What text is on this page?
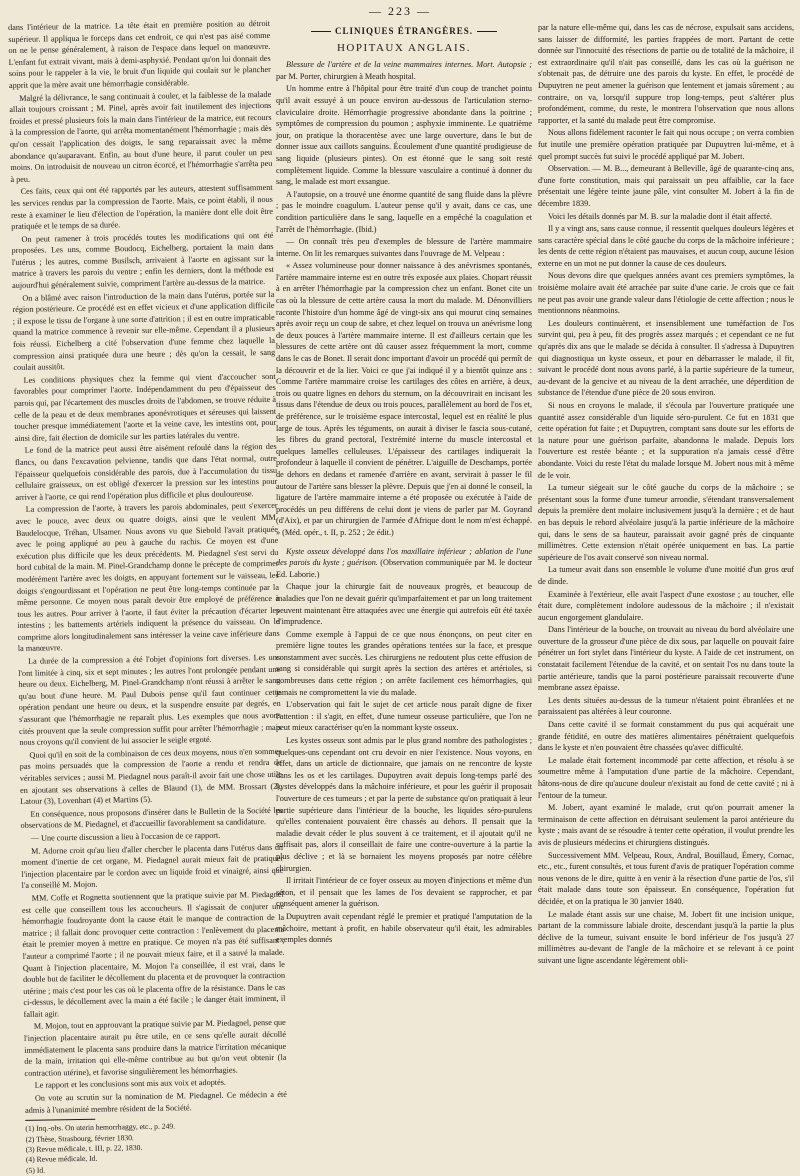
— 223 —

dans l'intérieur de la matrice. La tête était en première position au détroit supérieur. Il appliqua le forceps dans cet endroit, ce qui n'est pas aisé comme on ne le pense généralement, à raison de l'espace dans lequel on manœuvre. L'enfant fut extrait vivant, mais à demi-asphyxié. Pendant qu'on lui donnait des soins pour le rappeler à la vie, le bruit d'un liquide qui coulait sur le plancher apprit que la mère avait une hémorrhagie considérable.

Malgré la délivrance, le sang continuait à couler, et la faiblesse de la malade allait toujours croissant ; M. Pinel, après avoir fait inutilement des injections froides et pressé plusieurs fois la main dans l'intérieur de la matrice, eut recours à la compression de l'aorte, qui arrêta momentanément l'hémorrhagie ; mais dès qu'on cessait l'application des doigts, le sang reparaissait avec la même abondance qu'auparavant. Enfin, au bout d'une heure, il parut couler un peu moins. On introduisit de nouveau un citron écorcé, et l'hémorrhagie s'arrêta peu à peu.

Ces faits, ceux qui ont été rapportés par les auteurs, attestent suffisamment les services rendus par la compression de l'aorte. Mais, ce point établi, il nous reste à examiner le lieu d'élection de l'opération, la manière dont elle doit être pratiquée et le temps de sa durée.

On peut ramener à trois procédés toutes les modifications qui ont été proposées. Les uns, comme Boudocq, Eichelberg, portaient la main dans l'utérus ; les autres, comme Busilsch, arrivaient à l'aorte en agissant sur la matrice à travers les parois du ventre ; enfin les derniers, dont la méthode est aujourd'hui généralement suivie, compriment l'artère au-dessus de la matrice.

On a blâmé avec raison l'introduction de la main dans l'utérus, portée sur la région postérieure. Ce procédé est en effet vicieux et d'une application difficile ; il expose le tissu de l'organe à une sorte d'attrition ; il est en outre impraticable quand la matrice commence à revenir sur elle-même. Cependant il a plusieurs fois réussi. Eichelberg a cité l'observation d'une femme chez laquelle la compression ainsi pratiquée dura une heure ; dès qu'on la cessait, le sang coulait aussitôt.

Les conditions physiques chez la femme qui vient d'accoucher sont favorables pour comprimer l'aorte. Indépendamment du peu d'épaisseur des parois qui, par l'écartement des muscles droits de l'abdomen, se trouve réduite à celle de la peau et de deux membranes aponévrotiques et séreuses qui laissent toucher presque immédiatement l'aorte et la veine cave, les intestins ont, pour ainsi dire, fait élection de domicile sur les parties latérales du ventre.

Le fond de la matrice peut aussi être aisément refoulé dans la région des flancs, ou dans l'excavation pelvienne, tandis que dans l'état normal, outre l'épaisseur quelquefois considérable des parois, due à l'accumulation du tissu cellulaire graisseux, on est obligé d'exercer la pression sur les intestins pour arriver à l'aorte, ce qui rend l'opération plus difficile et plus douloureuse.

La compression de l'aorte, à travers les parois abdominales, peut s'exercer avec le pouce, avec deux ou quatre doigts, ainsi que le veulent MM. Baudelocque, Tréhan, Ulsamer. Nous avons vu que Siebold l'avait pratiquée avec le poing appliqué au peu à gauche du rachis. Ce moyen est d'une exécution plus difficile que les deux précédents. M. Piedagnel s'est servi du bord cubital de la main. M. Pinel-Grandchamp donne le précepte de comprimer modérément l'artère avec les doigts, en appuyant fortement sur le vaisseau, les doigts s'engourdissant et l'opération ne peut être long-temps continuée par la même personne. Ce moyen nous paraît devoir être employé de préférence à tous les autres. Pour arriver à l'aorte, il faut éviter la précaution d'écarter les intestins ; les battements artériels indiquent la présence du vaisseau. On le comprime alors longitudinalement sans intéresser la veine cave inférieure dans la manœuvre.

La durée de la compression a été l'objet d'opinions fort diverses. Les uns l'ont limitée à cinq, six et sept minutes ; les autres l'ont prolongée pendant une heure ou deux. Eichelberg, M. Pinel-Grandchamp n'ont réussi à arrêter le sang qu'au bout d'une heure. M. Paul Dubois pense qu'il faut continuer cette opération pendant une heure ou deux, et la suspendre ensuite par degrés, en s'assurant que l'hémorrhagie ne reparaît plus. Les exemples que nous avons cités prouvent que la seule compression suffit pour arrêter l'hémorrhagie ; mais nous croyons qu'il convient de lui associer le seigle ergoté.

Quoi qu'il en soit de la combinaison de ces deux moyens, nous n'en sommes pas moins persuadés que la compression de l'aorte a rendu et rendra de véritables services ; aussi M. Piedagnel nous paraît-il avoir fait une chose utile en ajoutant ses observations à celles de Blaund (1), de MM. Brossart (2), Latour (3), Lovenhart (4) et Martins (5).

En conséquence, nous proposons d'insérer dans le Bulletin de la Société les observations de M. Piedagnel, et d'accueillir favorablement sa candidature.

— Une courte discussion a lieu à l'occasion de ce rapport.

M. Adorne croit qu'au lieu d'aller chercher le placenta dans l'utérus dans un moment d'inertie de cet organe, M. Piedagnel aurait mieux fait de pratiquer l'injection placentaire par le cordon avec un liquide froid et vinaigré, ainsi que l'a conseillé M. Mojon.

MM. Coffe et Rognetta soutiennent que la pratique suivie par M. Piedagnel est celle que conseillent tous les accoucheurs. Il s'agissait de conjurer une hémorrhagie foudroyante dont la cause était le manque de contraction de la matrice ; il fallait donc provoquer cette contraction : l'enlèvement du placenta était le premier moyen à mettre en pratique. Ce moyen n'a pas été suffisant ; l'auteur a comprimé l'aorte ; il ne pouvait mieux faire, et il a sauvé la malade. Quant à l'injection placentaire, M. Mojon l'a conseillée, il est vrai, dans le double but de faciliter le décollement du placenta et de provoquer la contraction utérine ; mais c'est pour les cas où le placenta offre de la résistance. Dans le cas ci-dessus, le décollement avec la main a été facile ; le danger était imminent, il fallait agir.

M. Mojon, tout en approuvant la pratique suivie par M. Piedagnel, pense que l'injection placentaire aurait pu être utile, en ce sens qu'elle aurait décollé immédiatement le placenta sans produire dans la matrice l'irritation mécanique de la main, irritation qui elle-même contribue au but qu'on veut obtenir (la contraction utérine), et favorise singulièrement les hémorrhagies.

Le rapport et les conclusions sont mis aux voix et adoptés.

On vote au scrutin sur la nomination de M. Piedagnel. Ce médecin a été admis à l'unanimité membre résident de la Société.

(1) Inq.-obs. On uterin hemorrhaggy, etc., p. 249.
(2) Thèse, Strasbourg, février 1830.
(3) Revue médicale, t. III, p. 22, 1830.
(4) Revue médicale, Id.
(5) Id.
CLINIQUES ÉTRANGÈRES.
HOPITAUX ANGLAIS.

Blessure de l'artère et de la veine mammaires internes. Mort. Autopsie ; par M. Porter, chirurgien à Meath hospital.

Un homme entre à l'hôpital pour être traité d'un coup de tranchet pointu qu'il avait essuyé à un pouce environ au-dessous de l'articulation sterno-claviculaire droite. Hémorrhagie progressive abondante dans la poitrine ; symptômes de compression du poumon ; asphyxie imminente. Le quatrième jour, on pratique la thoracentèse avec une large ouverture, dans le but de donner issue aux caillots sanguins. Écoulement d'une quantité prodigieuse de sang liquide (plusieurs pintes). On est étonné que le sang soit resté complètement liquide. Comme la blessure vasculaire a continué à donner du sang, le malade est mort exsangue.

A l'autopsie, on a trouvé une énorme quantité de sang fluide dans la plèvre ; pas le moindre coagulum. L'auteur pense qu'il y avait, dans ce cas, une condition particulière dans le sang, laquelle en a empêché la coagulation et l'arrêt de l'hémorrhagie. (Ibid.)

— On connaît très peu d'exemples de blessure de l'artère mammaire interne. On lit les remarques suivantes dans l'ouvrage de M. Velpeau :

« Assez volumineuse pour donner naissance à des anévrismes spontanés, l'artère mammaire interne est en outre très exposée aux plaies. Chopart réussit à en arrêter l'hémorrhagie par la compression chez un enfant. Bonet cite un cas où la blessure de cette artère causa la mort du malade. M. Dénonvilliers raconte l'histoire d'un homme âgé de vingt-six ans qui mourut cinq semaines après avoir reçu un coup de sabre, et chez lequel on trouva un anévrisme long de deux pouces à l'artère mammaire interne. Il est d'ailleurs certain que les blessures de cette artère ont dû causer assez fréquemment la mort, comme dans le cas de Bonet. Il serait donc important d'avoir un procédé qui permît de la découvrir et de la lier. Voici ce que j'ai indiqué il y a bientôt quinze ans : Comme l'artère mammaire croise les cartilages des côtes en arrière, à deux, trois ou quatre lignes en dehors du sternum, on la découvrirait en incisant les tissus dans l'étendue de deux ou trois pouces, parallèlement au bord de l'os et, de préférence, sur le troisième espace intercostal, lequel est en réalité le plus large de tous. Après les téguments, on aurait à diviser le fascia sous-cutané, les fibres du grand pectoral, l'extrémité interne du muscle intercostal et quelques lamelles celluleuses. L'épaisseur des cartilages indiquerait la profondeur à laquelle il convient de pénétrer. L'aiguille de Deschamps, portée de dehors en dedans et ramenée d'arrière en avant, servirait à passer le fil autour de l'artère sans blesser la plèvre. Depuis que j'en ai donné le conseil, la ligature de l'artère mammaire interne a été proposée ou exécutée à l'aide de procédés un peu différens de celui dont je viens de parler par M. Goyrand (d'Aix), et par un chirurgien de l'armée d'Afrique dont le nom m'est échappé. » (Méd. opér., t. II, p. 252 ; 2e édit.)

Kyste osseux développé dans l'os maxillaire inférieur ; ablation de l'une des parois du kyste ; guérison. (Observation communiquée par M. le docteur Ed. Laborie.)

Chaque jour la chirurgie fait de nouveaux progrès, et beaucoup de maladies que l'on ne devait guérir qu'imparfaitement et par un long traitement peuvent maintenant être attaquées avec une énergie qui autrefois eût été taxée d'imprudence.

Comme exemple à l'appui de ce que nous énonçons, on peut citer en première ligne toutes les grandes opérations tentées sur la face, et presque constamment avec succès. Les chirurgiens ne redoutent plus cette effusion de sang si considérable qui surgit après la section des artères et artérioles, si nombreuses dans cette région ; on arrête facilement ces hémorrhagies, qui jamais ne compromettent la vie du malade.

L'observation qui fait le sujet de cet article nous paraît digne de fixer l'attention : il s'agit, en effet, d'une tumeur osseuse particulière, que l'on ne peut mieux caractériser qu'en la nommant kyste osseux.

Les kystes osseux sont admis par le plus grand nombre des pathologistes ; quelques-uns cependant ont cru devoir en nier l'existence. Nous voyons, en effet, dans un article de dictionnaire, que jamais on ne rencontre de kyste dans les os et les cartilages. Dupuytren avait depuis long-temps parlé des kystes développés dans la mâchoire inférieure, et pour les guérir il proposait l'ouverture de ces tumeurs ; et par la perte de substance qu'on pratiquait à leur partie supérieure dans l'intérieur de la bouche, les liquides séro-purulens qu'elles contenaient pouvaient être chassés au dehors. Il pensait que la maladie devait céder le plus souvent à ce traitement, et il ajoutait qu'il ne suffisait pas, alors il conseillait de faire une contre-ouverture à la partie la plus déclive ; et là se bornaient les moyens proposés par notre célèbre chirurgien.

Il irritait l'intérieur de ce foyer osseux au moyen d'injections et même d'un séton, et il pensait que les lames de l'os devaient se rapprocher, et par conséquent amener la guérison.

Dupuytren avait cependant réglé le premier et pratiqué l'amputation de la mâchoire, mettant à profit, en habile observateur qu'il était, les admirables exemples donnés

par la nature elle-même qui, dans les cas de nécrose, expulsait sans accidens, sans laisser de difformité, les parties frappées de mort. Partant de cette donnée sur l'innocuité des résections de partie ou de totalité de la mâchoire, il est extraordinaire qu'il n'ait pas conseillé, dans les cas où la guérison ne s'obtenait pas, de détruire une des parois du kyste. En effet, le procédé de Dupuytren ne peut amener la guérison que lentement et jamais sûrement ; au contraire, on va, lorsqu'il suppure trop long-temps, peut s'altérer plus profondément, comme, du reste, le montrera l'observation que nous allons rapporter, et la santé du malade peut être compromise.

Nous allons fidèlement raconter le fait qui nous occupe ; on verra combien fut inutile une première opération pratiquée par Dupuytren lui-même, et à quel prompt succès fut suivi le procédé appliqué par M. Jobert.

Observation. — M. B..., demeurant à Belleville, âgé de quarante-cinq ans, d'une forte constitution, mais qui paraissait un peu affaiblie, car la face présentait une légère teinte jaune pâle, vint consulter M. Jobert à la fin de décembre 1839.

Voici les détails donnés par M. B. sur la maladie dont il était affecté.

Il y a vingt ans, sans cause connue, il ressentit quelques douleurs légères et sans caractère spécial dans le côté gauche du corps de la mâchoire inférieure ; les dents de cette région n'étaient pas mauvaises, et aucun coup, aucune lésion externe en un mot ne put donner la cause de ces douleurs.

Nous devons dire que quelques années avant ces premiers symptômes, la troisième molaire avait été arrachée par suite d'une carie. Je crois que ce fait ne peut pas avoir une grande valeur dans l'étiologie de cette affection ; nous le mentionnons néanmoins.

Les douleurs continuèrent, et insensiblement une tuméfaction de l'os survint qui, peu à peu, fit des progrès assez marqués ; et cependant ce ne fut qu'après dix ans que le malade se décida à consulter. Il s'adressa à Dupuytren qui diagnostiqua un kyste osseux, et pour en débarrasser le malade, il fit, suivant le procédé dont nous avons parlé, à la partie supérieure de la tumeur, au-devant de la gencive et au niveau de la dent arrachée, une déperdition de substance de l'étendue d'une pièce de 20 sous environ.

Si nous en croyons le malade, il s'écoula par l'ouverture pratiquée une quantité assez considérable d'un liquide séro-purulent. Ce fut en 1831 que cette opération fut faite ; et Dupuytren, comptant sans doute sur les efforts de la nature pour une guérison parfaite, abandonna le malade. Depuis lors l'ouverture est restée béante ; et la suppuration n'a jamais cessé d'être abondante. Voici du reste l'état du malade lorsque M. Jobert nous mit à même de le voir.

La tumeur siégeait sur le côté gauche du corps de la mâchoire ; se présentant sous la forme d'une tumeur arrondie, s'étendant transversalement depuis la première dent molaire inclusivement jusqu'à la dernière ; et de haut en bas depuis le rebord alvéolaire jusqu'à la partie inférieure de la mâchoire qui, dans le sens de sa hauteur, paraissait avoir gagné près de cinquante millimètres. Cette extension n'était opérée uniquement en bas. La partie supérieure de l'os avait conservé son niveau normal.

La tumeur avait dans son ensemble le volume d'une moitié d'un gros œuf de dinde.

Examinée à l'extérieur, elle avait l'aspect d'une exostose ; au toucher, elle était dure, complètement indolore audessous de la mâchoire ; il n'existait aucun engorgement glandulaire.

Dans l'intérieur de la bouche, on trouvait au niveau du bord alvéolaire une ouverture de la grosseur d'une pièce de dix sous, par laquelle on pouvait faire pénétrer un fort stylet dans l'intérieur du kyste. A l'aide de cet instrument, on constatait facilement l'étendue de la cavité, et on sentait l'os nu dans toute la partie antérieure, tandis que la paroi postérieure paraissait recouverte d'une membrane assez épaisse.

Les dents situées au-dessus de la tumeur n'étaient point ébranlées et ne paraissaient pas altérées à leur couronne.

Dans cette cavité il se formait constamment du pus qui acquérait une grande fétidité, en outre des matières alimentaires pénétraient quelquefois dans le kyste et n'en pouvaient être chassées qu'avec difficulté.

Le malade était fortement incommodé par cette affection, et résolu à se soumettre même à l'amputation d'une partie de la mâchoire. Cependant, hâtons-nous de dire qu'aucune douleur n'existait au fond de cette cavité ; ni à l'entour de la tumeur.

M. Jobert, ayant examiné le malade, crut qu'on pourrait amener la terminaison de cette affection en détruisant seulement la paroi antérieure du kyste ; mais avant de se résoudre à tenter cette opération, il voulut prendre les avis de plusieurs médecins et chirurgiens distingués.

Successivement MM. Velpeau, Roux, Andral, Bouillaud, Émery, Cornac, etc., etc., furent consultés, et tous furent d'avis de pratiquer l'opération comme nous venons de le dire, quitte à en venir à la résection d'une partie de l'os, s'il était malade dans toute son épaisseur. En conséquence, l'opération fut décidée, et on la pratiqua le 30 janvier 1840.

Le malade étant assis sur une chaise, M. Jobert fit une incision unique, partant de la commissure labiale droite, descendant jusqu'à la partie la plus déclive de la tumeur, suivant ensuite le bord inférieur de l'os jusqu'à 27 millimètres au-devant de l'angle de la mâchoire et se relevant à ce point suivant une ligne ascendante légèrement obli-
